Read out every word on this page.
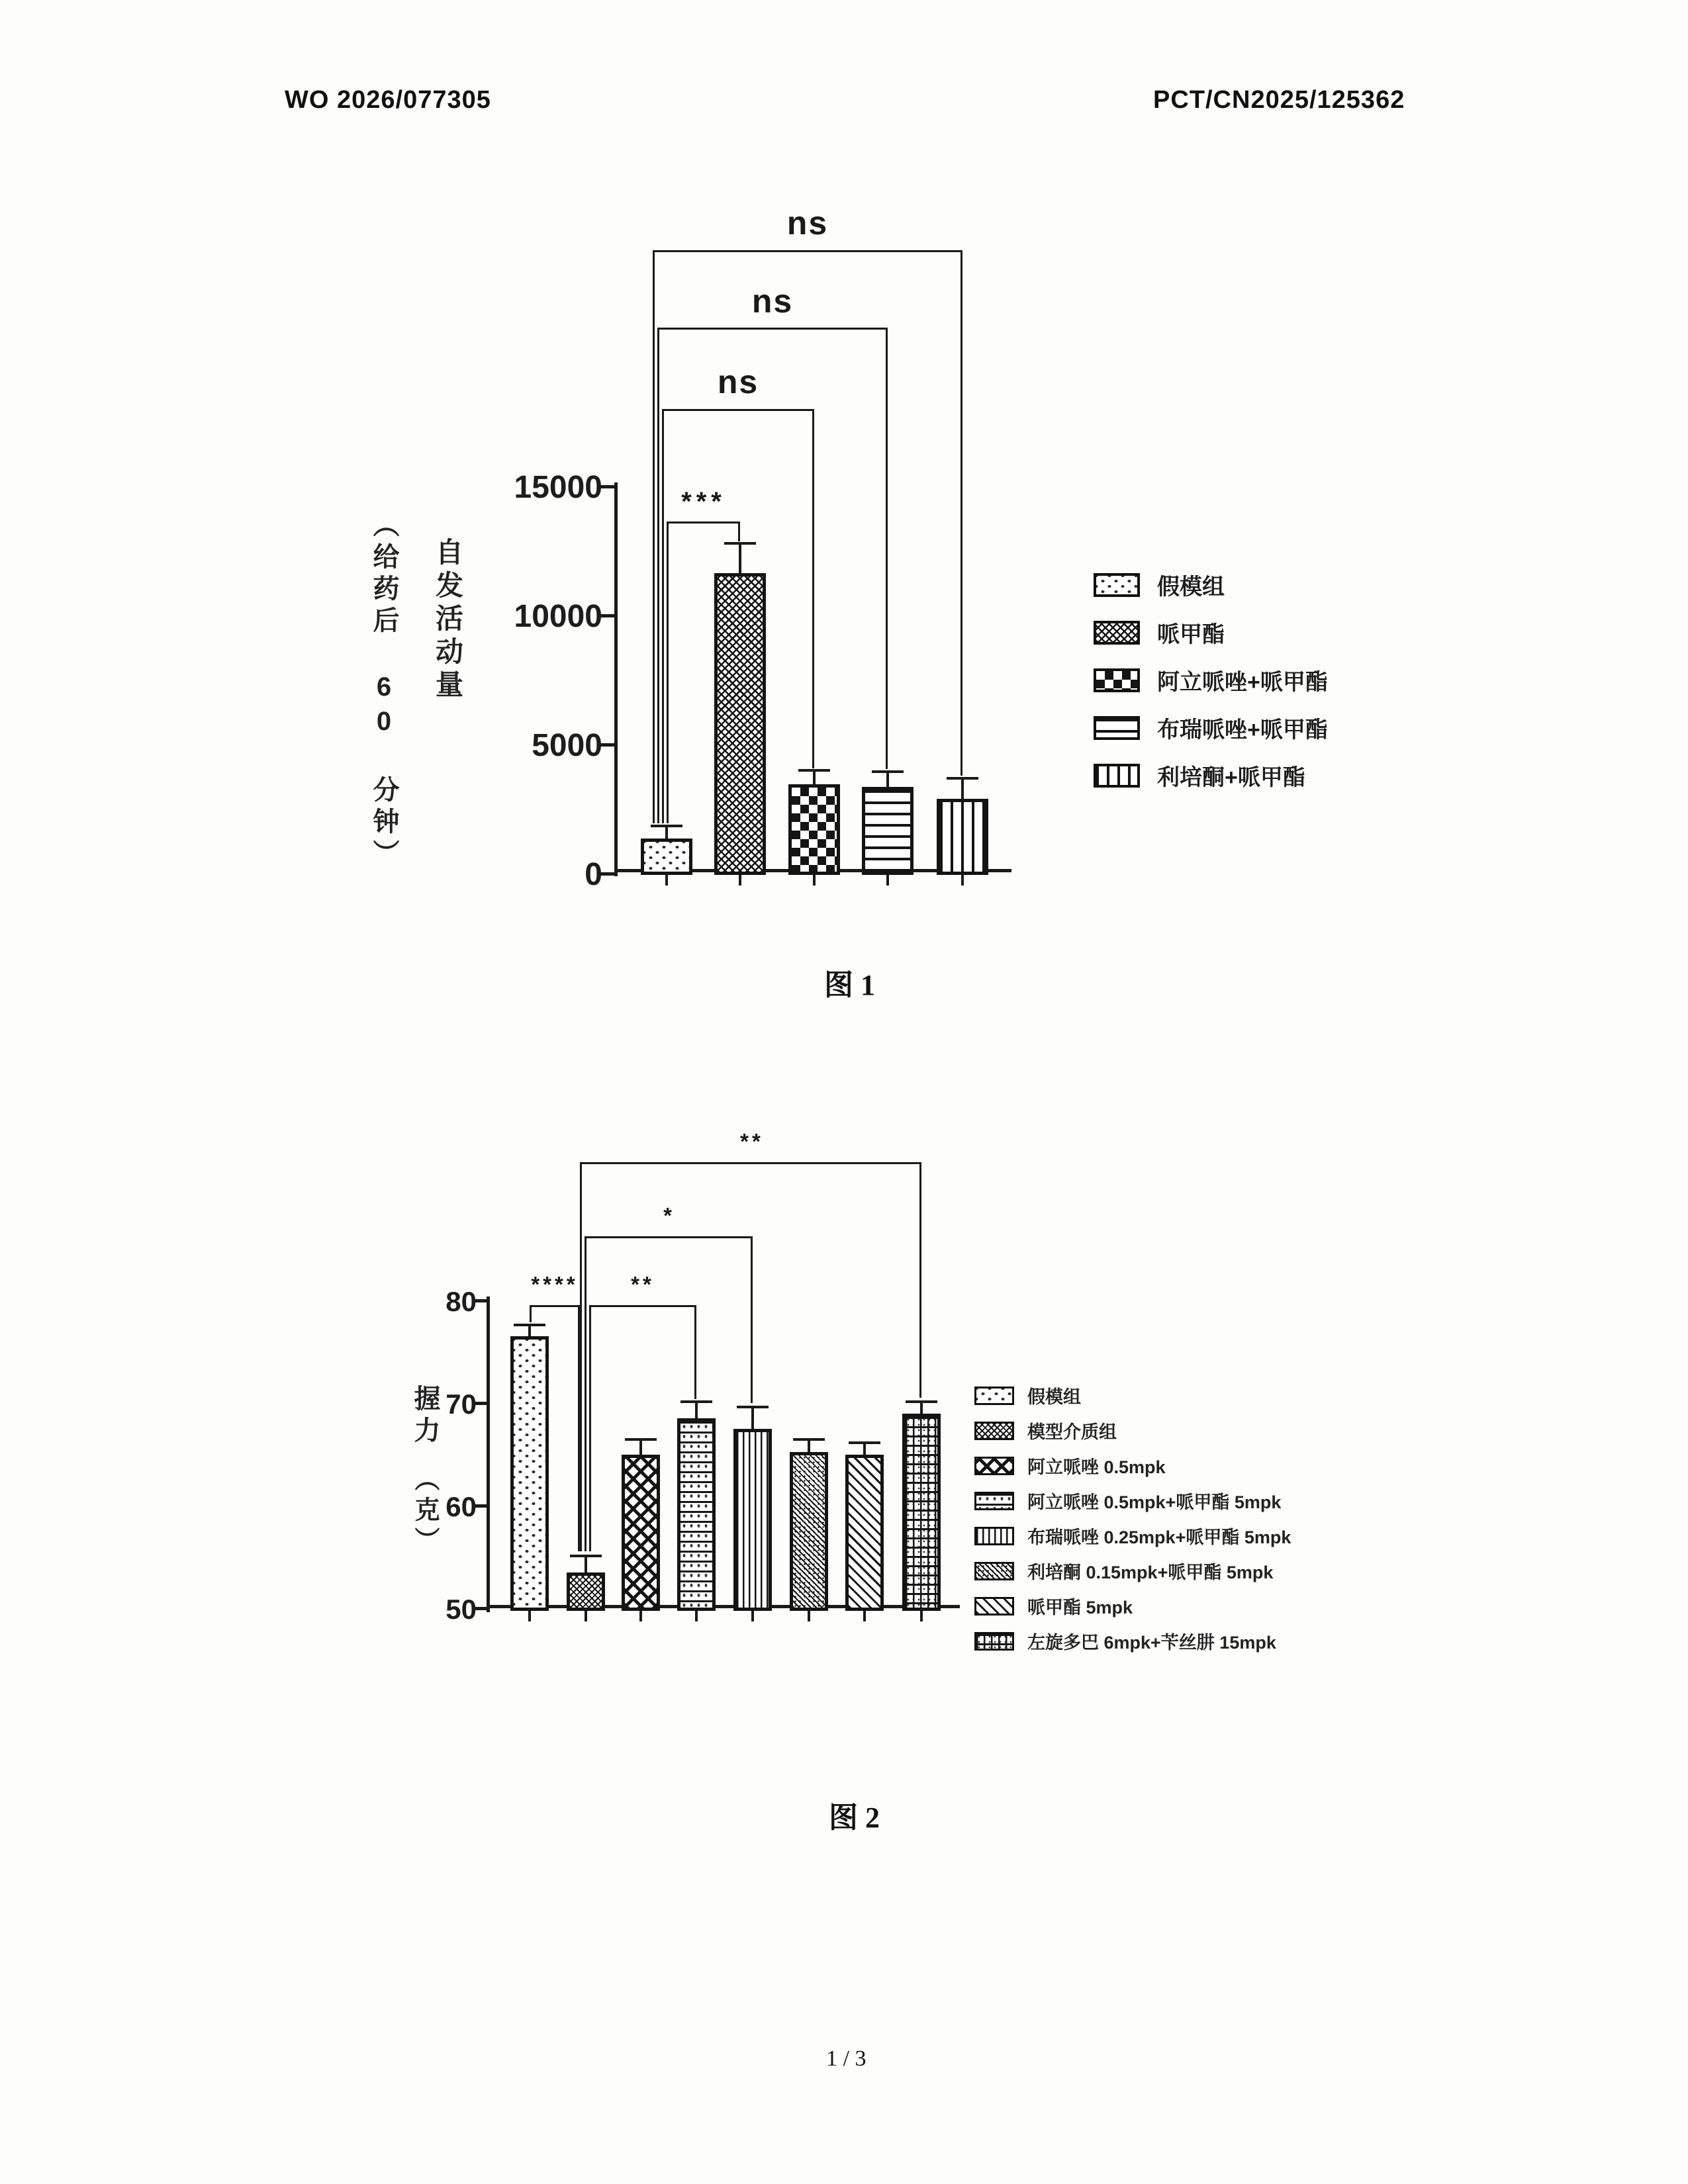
WO 2026/077305	PCT/CN2025/125362
15000
10000
5000
0
（给药后 60 分钟） 自发活动量
***
ns
ns
ns
假模组
哌甲酯
阿立哌唑+哌甲酯
布瑞哌唑+哌甲酯
利培酮+哌甲酯
图 1
80
70
60
50
握力
（克）
****	**
*
**
假模组
模型介质组
阿立哌唑 0.5mpk
阿立哌唑 0.5mpk+哌甲酯 5mpk
布瑞哌唑 0.25mpk+哌甲酯 5mpk
利培酮 0.15mpk+哌甲酯 5mpk
哌甲酯 5mpk
左旋多巴 6mpk+苄丝肼 15mpk
图 2
1 / 3
